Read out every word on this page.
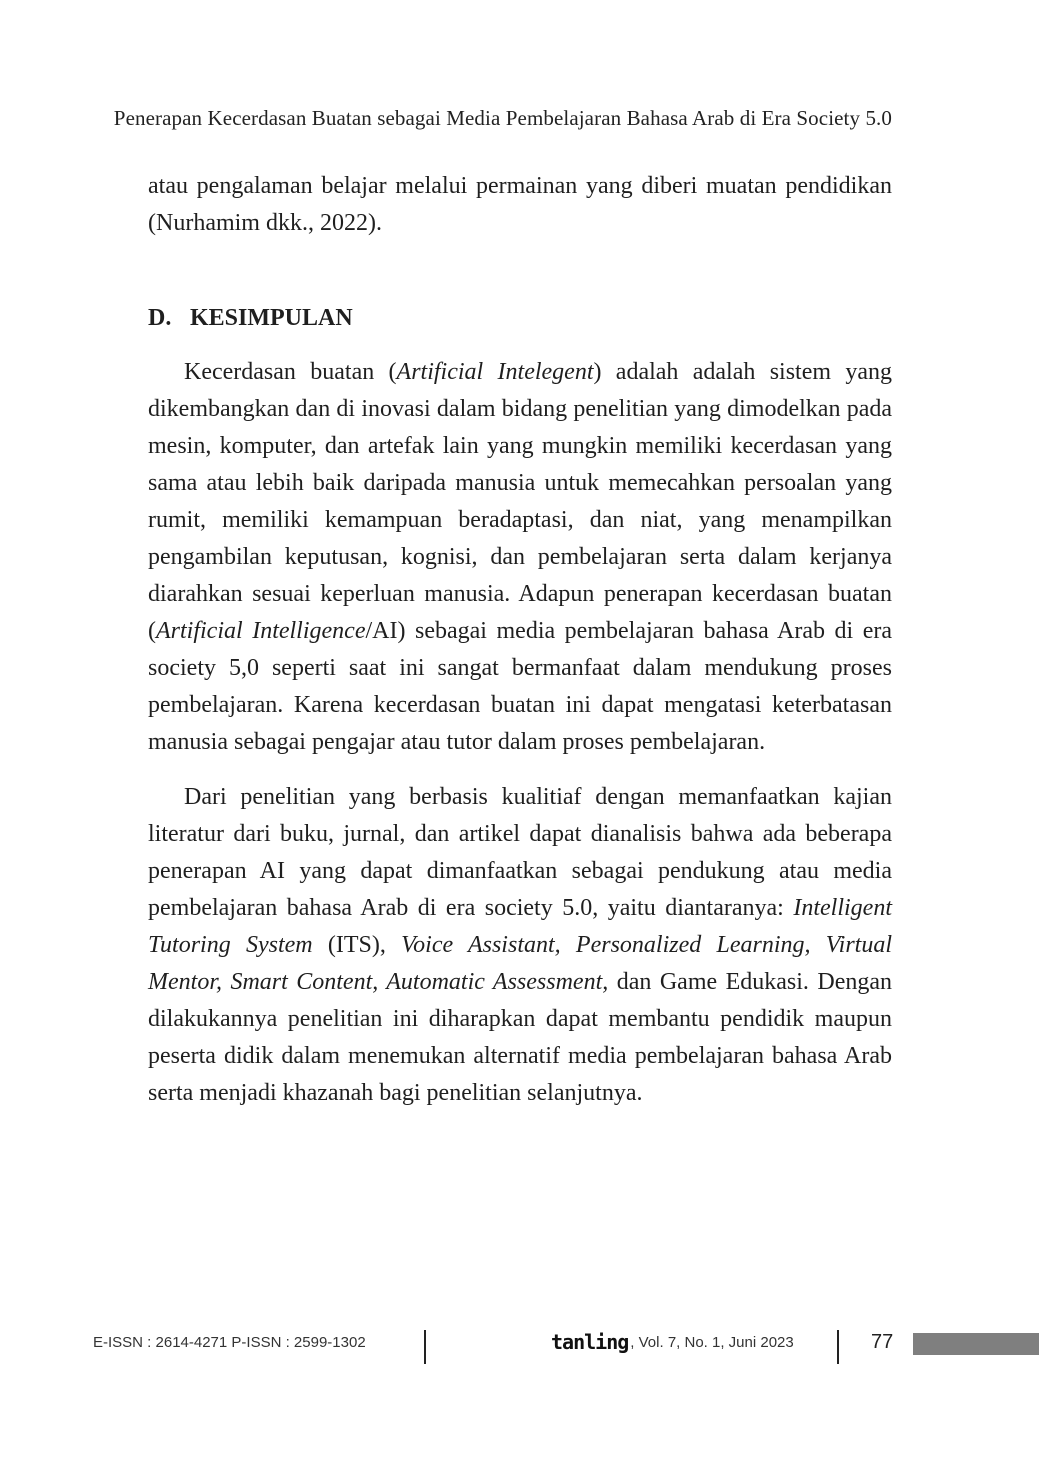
Penerapan Kecerdasan Buatan sebagai Media Pembelajaran Bahasa Arab di Era Society 5.0

atau pengalaman belajar melalui permainan yang diberi muatan pendidikan (Nurhamim dkk., 2022).

D. KESIMPULAN

Kecerdasan buatan (Artificial Intelegent) adalah adalah sistem yang dikembangkan dan di inovasi dalam bidang penelitian yang dimodelkan pada mesin, komputer, dan artefak lain yang mungkin memiliki kecerdasan yang sama atau lebih baik daripada manusia untuk memecahkan persoalan yang rumit, memiliki kemampuan beradaptasi, dan niat, yang menampilkan pengambilan keputusan, kognisi, dan pembelajaran serta dalam kerjanya diarahkan sesuai keperluan manusia. Adapun penerapan kecerdasan buatan (Artificial Intelligence/AI) sebagai media pembelajaran bahasa Arab di era society 5,0 seperti saat ini sangat bermanfaat dalam mendukung proses pembelajaran. Karena kecerdasan buatan ini dapat mengatasi keterbatasan manusia sebagai pengajar atau tutor dalam proses pembelajaran.

Dari penelitian yang berbasis kualitiaf dengan memanfaatkan kajian literatur dari buku, jurnal, dan artikel dapat dianalisis bahwa ada beberapa penerapan AI yang dapat dimanfaatkan sebagai pendukung atau media pembelajaran bahasa Arab di era society 5.0, yaitu diantaranya: Intelligent Tutoring System (ITS), Voice Assistant, Personalized Learning, Virtual Mentor, Smart Content, Automatic Assessment, dan Game Edukasi. Dengan dilakukannya penelitian ini diharapkan dapat membantu pendidik maupun peserta didik dalam menemukan alternatif media pembelajaran bahasa Arab serta menjadi khazanah bagi penelitian selanjutnya.

E-ISSN : 2614-4271 P-ISSN : 2599-1302	tanling , Vol. 7, No. 1, Juni 2023	77
